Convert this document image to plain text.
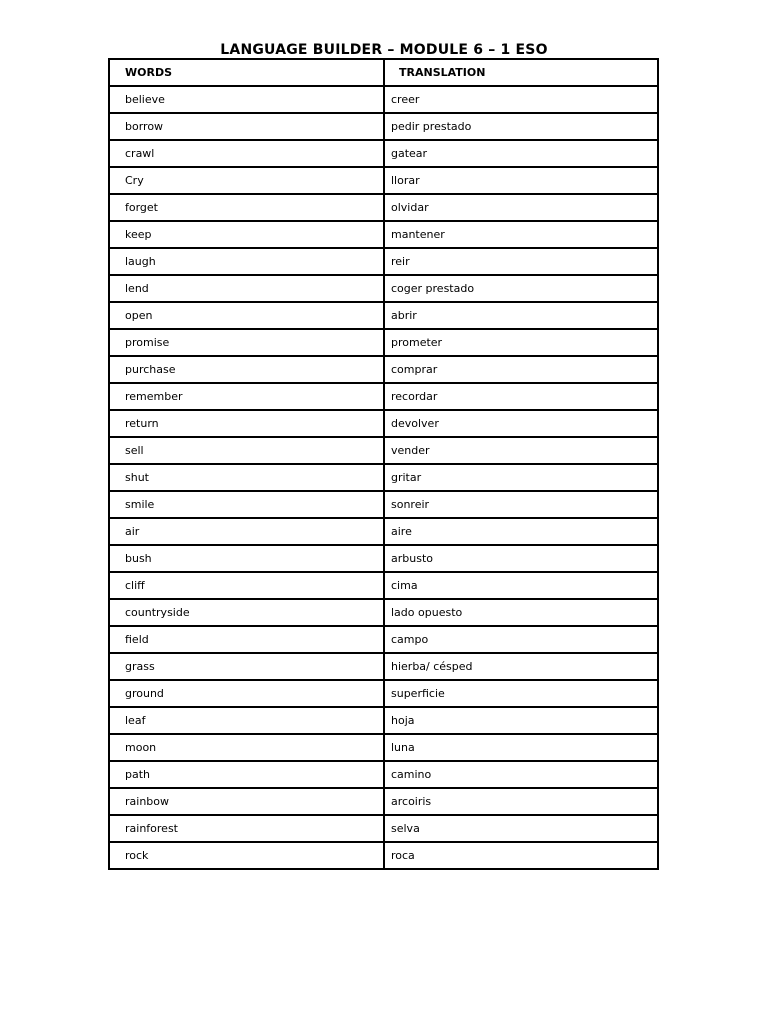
LANGUAGE BUILDER – MODULE 6 – 1 ESO
WORDS	TRANSLATION
believe	creer
borrow	pedir prestado
crawl	gatear
Cry	llorar
forget	olvidar
keep	mantener
laugh	reir
lend	coger prestado
open	abrir
promise	prometer
purchase	comprar
remember	recordar
return	devolver
sell	vender
shut	gritar
smile	sonreir
air	aire
bush	arbusto
cliff	cima
countryside	lado opuesto
field	campo
grass	hierba/ césped
ground	superficie
leaf	hoja
moon	luna
path	camino
rainbow	arcoiris
rainforest	selva
rock	roca
